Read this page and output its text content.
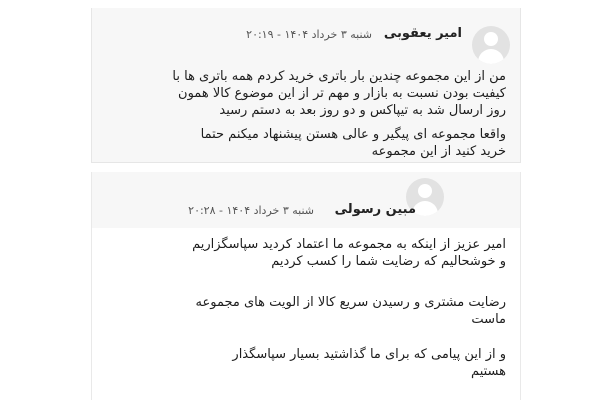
امیر یعقوبی
شنبه ۳ خرداد ۱۴۰۴ - ۲۰:۱۹
من از این مجموعه چندین بار باتری خرید کردم همه باتری ها با
کیفیت بودن نسبت به بازار و مهم تر از این موضوع کالا همون
روز ارسال شد به تیپاکس و دو روز بعد به دستم رسید
واقعا مجموعه ای پیگیر و عالی هستن پیشنهاد میکنم حتما
خرید کنید از این مجموعه
مبین رسولی
شنبه ۳ خرداد ۱۴۰۴ - ۲۰:۲۸
امیر عزیز از اینکه به مجموعه ما اعتماد کردید سپاسگزاریم
و خوشحالیم که رضایت شما را کسب کردیم
رضایت مشتری و رسیدن سریع کالا از الویت های مجموعه
ماست
و از این پیامی که برای ما گذاشتید بسیار سپاسگذار
هستیم
